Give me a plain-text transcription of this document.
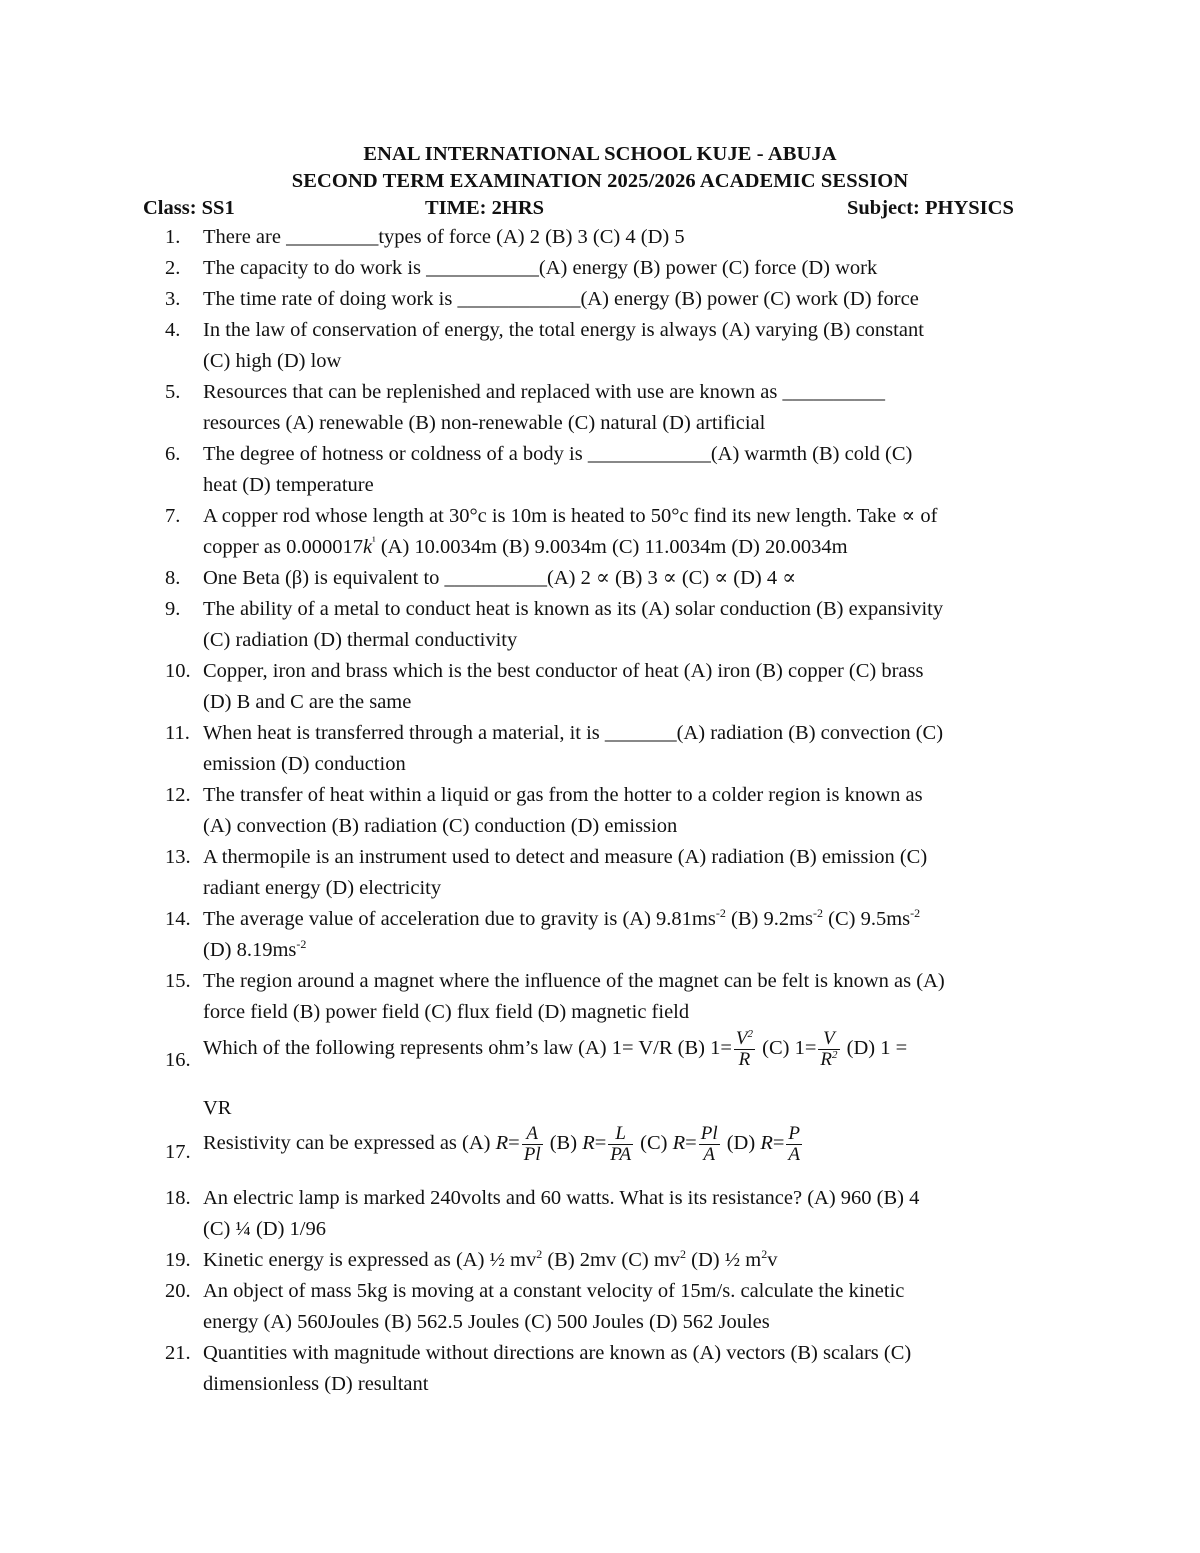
ENAL INTERNATIONAL SCHOOL KUJE - ABUJA
SECOND TERM EXAMINATION 2025/2026 ACADEMIC SESSION
Class: SS1	TIME: 2HRS	Subject: PHYSICS
1.	There are _________types of force (A) 2 (B) 3 (C) 4 (D) 5
2.	The capacity to do work is ___________(A) energy (B) power (C) force (D) work
3.	The time rate of doing work is ____________(A) energy (B) power (C) work (D) force
4.	In the law of conservation of energy, the total energy is always (A) varying (B) constant
(C) high (D) low
5.	Resources that can be replenished and replaced with use are known as __________
resources (A) renewable (B) non-renewable (C) natural (D) artificial
6.	The degree of hotness or coldness of a body is ____________(A) warmth (B) cold (C)
heat (D) temperature
7.	A copper rod whose length at 30°c is 10m is heated to 50°c find its new length. Take ∝ of
copper as $0.000017k^{^1}$ (A) 10.0034m (B) 9.0034m (C) 11.0034m (D) 20.0034m
8.	One Beta (β) is equivalent to __________(A) 2 ∝ (B) 3 ∝ (C) ∝ (D) 4 ∝
9.	The ability of a metal to conduct heat is known as its (A) solar conduction (B) expansivity
(C) radiation (D) thermal conductivity
10. Copper, iron and brass which is the best conductor of heat (A) iron (B) copper (C) brass
(D) B and C are the same
11. When heat is transferred through a material, it is _______(A) radiation (B) convection (C)
emission (D) conduction
12. The transfer of heat within a liquid or gas from the hotter to a colder region is known as
(A) convection (B) radiation (C) conduction (D) emission
13. A thermopile is an instrument used to detect and measure (A) radiation (B) emission (C)
radiant energy (D) electricity
14. The average value of acceleration due to gravity is (A) $9.81ms^{-2}$ (B) $9.2ms^{-2}$ (C) $9.5ms^{-2}$
(D) $8.19ms^{-2}$
15. The region around a magnet where the influence of the magnet can be felt is known as (A)
force field (B) power field (C) flux field (D) magnetic field
16.
Which of the following represents ohm’s law (A) 1= V/R (B) $1= \frac{V^2}{R} (C)$ $1= \frac{V}{R^2} (D) 1$ =
VR
17. Resistivity can be expressed as (A) $R= \frac{A}{Pl} (B)$ $R= \frac{L}{PA} (C)$ $R= \frac{Pl}{A} (D)$ $R= \frac{P}{A}$
18. An electric lamp is marked 240volts and 60 watts. What is its resistance? (A) 960 (B) 4
(C) ¼ (D) 1/96
19. Kinetic energy is expressed as (A) ½ $mv^2$ (B) 2mv (C) $mv^2$ (D) ½ $m^2v$
20. An object of mass 5kg is moving at a constant velocity of 15m/s. calculate the kinetic
energy (A) 560Joules (B) 562.5 Joules (C) 500 Joules (D) 562 Joules
21. Quantities with magnitude without directions are known as (A) vectors (B) scalars (C)
dimensionless (D) resultant
